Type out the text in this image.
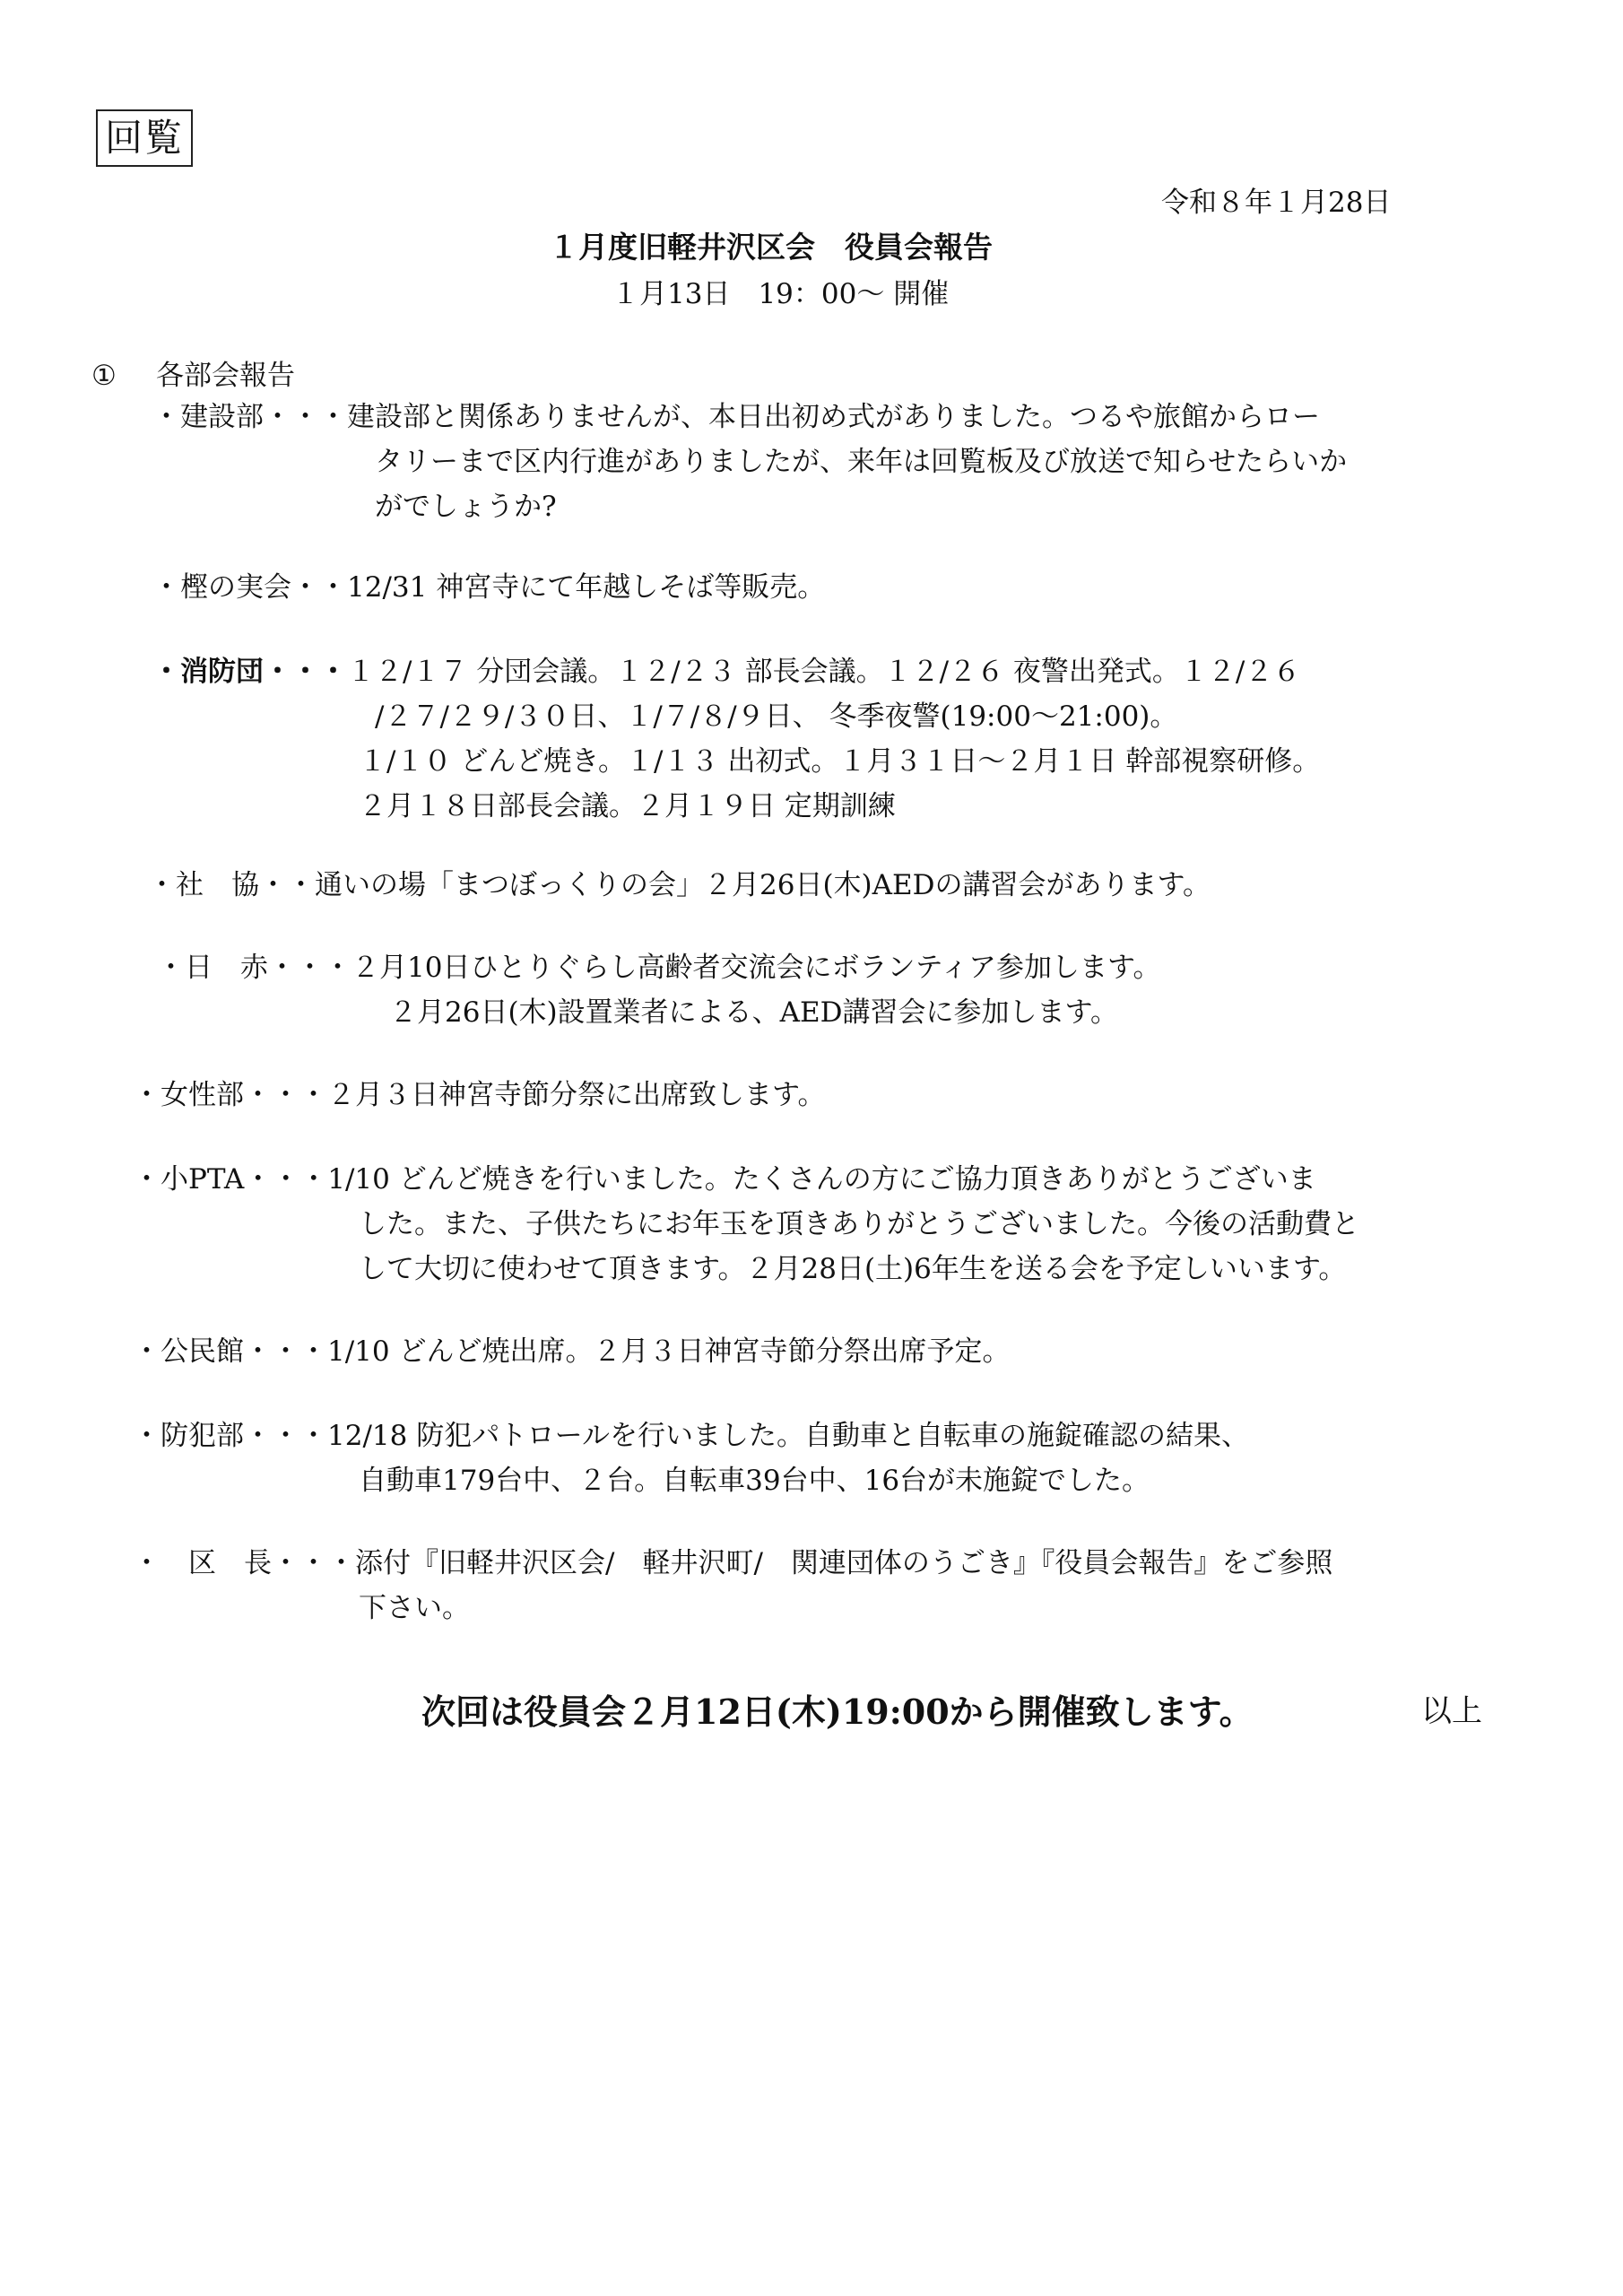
回覧
令和８年１月28日
１月度旧軽井沢区会　役員会報告
１月13日　19：00～ 開催
① 各部会報告
・建設部・・・建設部と関係ありませんが、本日出初め式がありました。つるや旅館からロー
タリーまで区内行進がありましたが、来年は回覧板及び放送で知らせたらいか
がでしょうか?
・樫の実会・・12/31 神宮寺にて年越しそば等販売。
・消防団・・・１２/１７ 分団会議。１２/２３ 部長会議。１２/２６ 夜警出発式。１２/２６
/２７/２９/３０日、１/７/８/９日、 冬季夜警(19:00～21:00)。
１/１０ どんど焼き。１/１３ 出初式。１月３１日～２月１日 幹部視察研修。
２月１８日部長会議。２月１９日 定期訓練
・社　協・・通いの場「まつぼっくりの会」２月26日(木)AEDの講習会があります。
・日　赤・・・２月10日ひとりぐらし高齢者交流会にボランティア参加します。
２月26日(木)設置業者による、AED講習会に参加します。
・女性部・・・２月３日神宮寺節分祭に出席致します。
・小PTA・・・1/10 どんど焼きを行いました。たくさんの方にご協力頂きありがとうございま
した。また、子供たちにお年玉を頂きありがとうございました。今後の活動費と
して大切に使わせて頂きます。２月28日(土)6年生を送る会を予定しいいます。
・公民館・・・1/10 どんど焼出席。２月３日神宮寺節分祭出席予定。
・防犯部・・・12/18 防犯パトロールを行いました。自動車と自転車の施錠確認の結果、
自動車179台中、２台。自転車39台中、16台が未施錠でした。
・　区　長・・・添付『旧軽井沢区会/　軽井沢町/　関連団体のうごき』『役員会報告』をご参照
下さい。
次回は役員会２月12日(木)19:00から開催致します。	以上
